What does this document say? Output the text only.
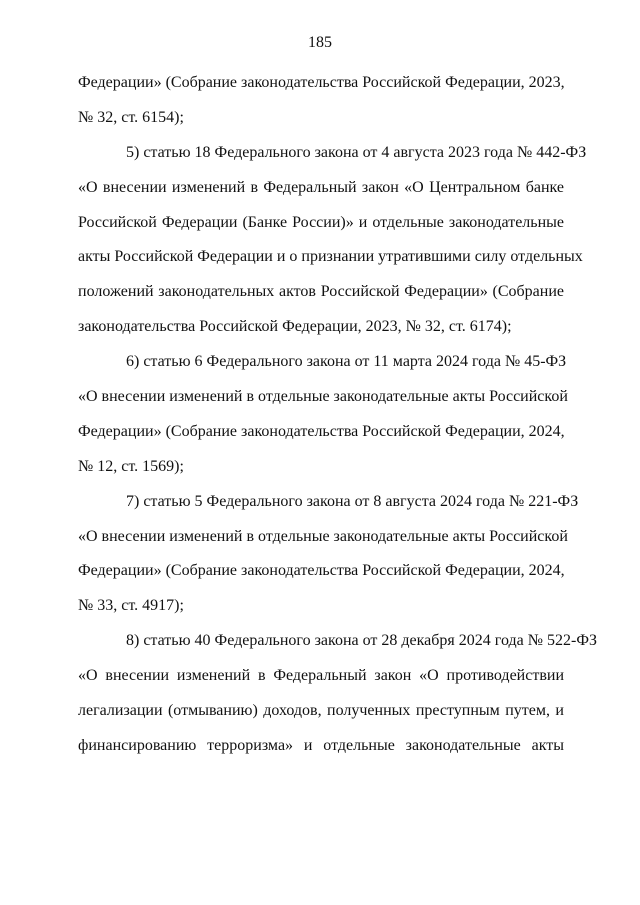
185
Федерации» (Собрание законодательства Российской Федерации, 2023,
№ 32, ст. 6154);
5) статью 18 Федерального закона от 4 августа 2023 года № 442-ФЗ
«О внесении изменений в Федеральный закон «О Центральном банке
Российской Федерации (Банке России)» и отдельные законодательные
акты Российской Федерации и о признании утратившими силу отдельных
положений законодательных актов Российской Федерации» (Собрание
законодательства Российской Федерации, 2023, № 32, ст. 6174);
6) статью 6 Федерального закона от 11 марта 2024 года № 45-ФЗ
«О внесении изменений в отдельные законодательные акты Российской
Федерации» (Собрание законодательства Российской Федерации, 2024,
№ 12, ст. 1569);
7) статью 5 Федерального закона от 8 августа 2024 года № 221-ФЗ
«О внесении изменений в отдельные законодательные акты Российской
Федерации» (Собрание законодательства Российской Федерации, 2024,
№ 33, ст. 4917);
8) статью 40 Федерального закона от 28 декабря 2024 года № 522-ФЗ
«О внесении изменений в Федеральный закон «О противодействии
легализации (отмыванию) доходов, полученных преступным путем, и
финансированию терроризма» и отдельные законодательные акты
